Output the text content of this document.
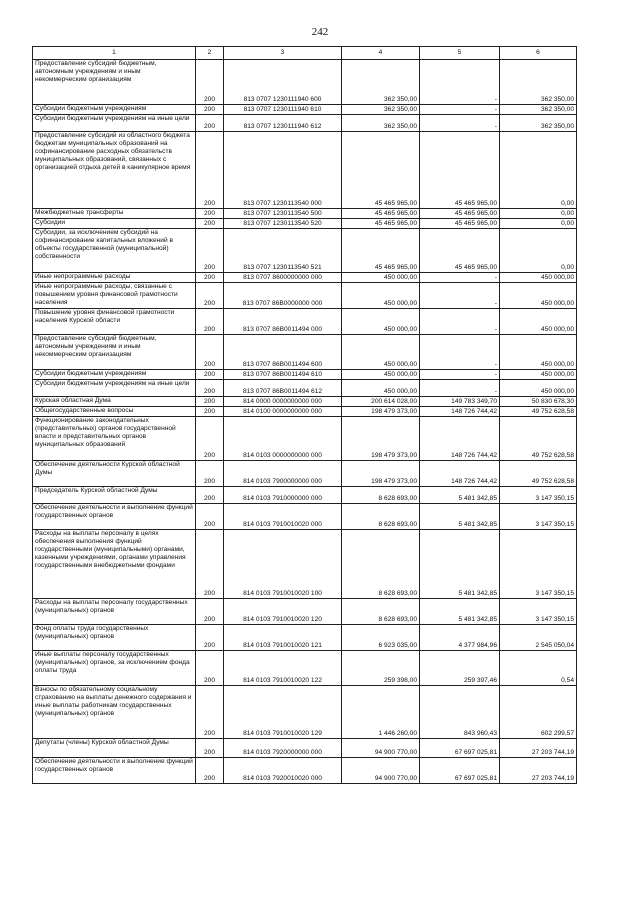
242
1	2	3	4	5	6
Предоставление субсидий бюджетным, автономным учреждениям и иным некоммерческим организациям	200	813 0707 1230111940 600	362 350,00	-	362 350,00
Субсидии бюджетным учреждениям	200	813 0707 1230111940 610	362 350,00	-	362 350,00
Субсидии бюджетным учреждениям на иные цели	200	813 0707 1230111940 612	362 350,00	-	362 350,00
Предоставление субсидий из областного бюджета бюджетам муниципальных образований на софинансирование расходных обязательств муниципальных образований, связанных с организацией отдыха детей в каникулярное время	200	813 0707 1230113540 000	45 465 965,00	45 465 965,00	0,00
Межбюджетные трансферты	200	813 0707 1230113540 500	45 465 965,00	45 465 965,00	0,00
Субсидии	200	813 0707 1230113540 520	45 465 965,00	45 465 965,00	0,00
Субсидии, за исключением субсидий на софинансирование капитальных вложений в объекты государственной (муниципальной) собственности	200	813 0707 1230113540 521	45 465 965,00	45 465 965,00	0,00
Иные непрограммные расходы	200	813 0707 8600000000 000	450 000,00	-	450 000,00
Иные непрограммные расходы, связанные с повышением уровня финансовой грамотности населения	200	813 0707 86В0000000 000	450 000,00	-	450 000,00
Повышение уровня финансовой грамотности населения Курской области	200	813 0707 86В0011494 000	450 000,00	-	450 000,00
Предоставление субсидий бюджетным, автономным учреждениям и иным некоммерческим организациям	200	813 0707 86В0011494 600	450 000,00	-	450 000,00
Субсидии бюджетным учреждениям	200	813 0707 86В0011494 610	450 000,00	-	450 000,00
Субсидии бюджетным учреждениям на иные цели	200	813 0707 86В0011494 612	450 000,00	-	450 000,00
Курская областная Дума	200	814 0000 0000000000 000	200 614 028,00	149 783 349,70	50 830 678,30
Общегосударственные вопросы	200	814 0100 0000000000 000	198 479 373,00	148 726 744,42	49 752 628,58
Функционирование законодательных (представительных) органов государственной власти и представительных органов муниципальных образований	200	814 0103 0000000000 000	198 479 373,00	148 726 744,42	49 752 628,58
Обеспечение деятельности Курской областной Думы	200	814 0103 7900000000 000	198 479 373,00	148 726 744,42	49 752 628,58
Председатель Курской областной Думы	200	814 0103 7910000000 000	8 628 693,00	5 481 342,85	3 147 350,15
Обеспечение деятельности и выполнение функций государственных органов	200	814 0103 7910010020 000	8 628 693,00	5 481 342,85	3 147 350,15
Расходы на выплаты персоналу в целях обеспечения выполнения функций государственными (муниципальными) органами, казенными учреждениями, органами управления государственными внебюджетными фондами	200	814 0103 7910010020 100	8 628 693,00	5 481 342,85	3 147 350,15
Расходы на выплаты персоналу государственных (муниципальных) органов	200	814 0103 7910010020 120	8 628 693,00	5 481 342,85	3 147 350,15
Фонд оплаты труда государственных (муниципальных) органов	200	814 0103 7910010020 121	6 923 035,00	4 377 984,96	2 545 050,04
Иные выплаты персоналу государственных (муниципальных) органов, за исключением фонда оплаты труда	200	814 0103 7910010020 122	259 398,00	259 397,46	0,54
Взносы по обязательному социальному страхованию на выплаты денежного содержания и иные выплаты работникам государственных (муниципальных) органов	200	814 0103 7910010020 129	1 446 260,00	843 960,43	602 299,57
Депутаты (члены) Курской областной Думы	200	814 0103 7920000000 000	94 900 770,00	67 697 025,81	27 203 744,19
Обеспечение деятельности и выполнение функций государственных органов	200	814 0103 7920010020 000	94 900 770,00	67 697 025,81	27 203 744,19
